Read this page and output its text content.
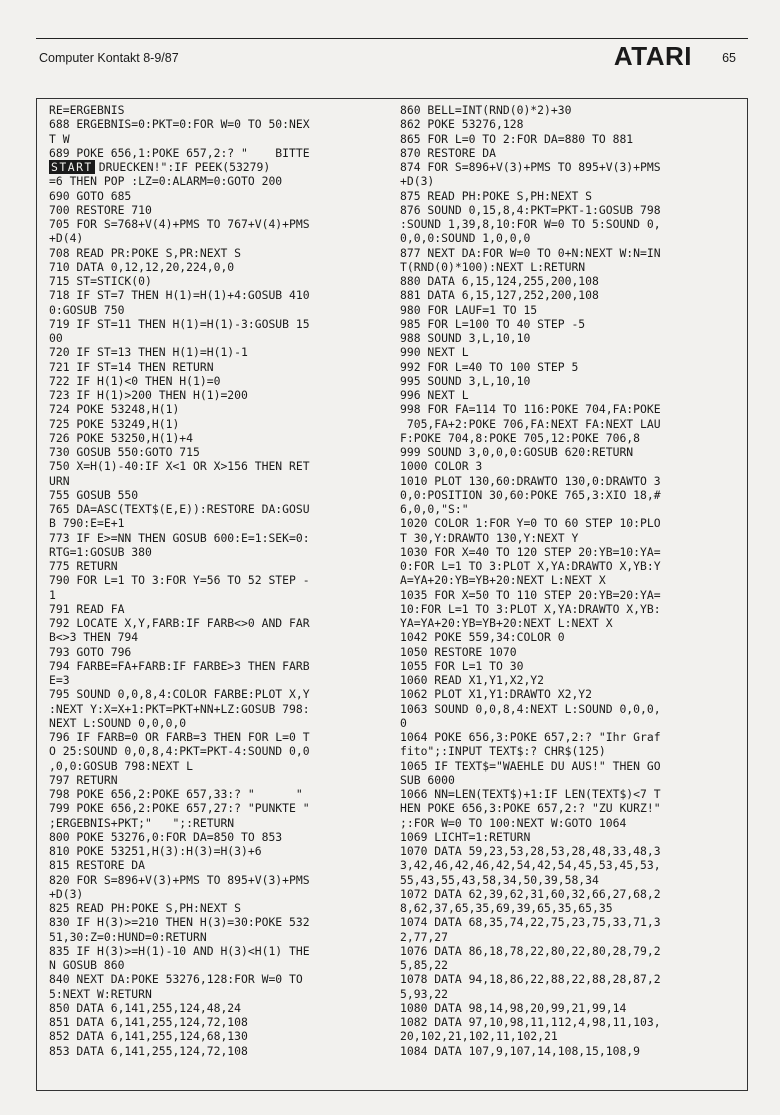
Computer Kontakt 8-9/87	ATARI 65
RE=ERGEBNIS
688 ERGEBNIS=0:PKT=0:FOR W=0 TO 50:NEX
T W
689 POKE 656,1:POKE 657,2:? "    BITTE
START DRUECKEN!":IF PEEK(53279)
=6 THEN POP :LZ=0:ALARM=0:GOTO 200
690 GOTO 685
700 RESTORE 710
705 FOR S=768+V(4)+PMS TO 767+V(4)+PMS
+D(4)
708 READ PR:POKE S,PR:NEXT S
710 DATA 0,12,12,20,224,0,0
715 ST=STICK(0)
718 IF ST=7 THEN H(1)=H(1)+4:GOSUB 410
0:GOSUB 750
719 IF ST=11 THEN H(1)=H(1)-3:GOSUB 15
00
720 IF ST=13 THEN H(1)=H(1)-1
721 IF ST=14 THEN RETURN
722 IF H(1)<0 THEN H(1)=0
723 IF H(1)>200 THEN H(1)=200
724 POKE 53248,H(1)
725 POKE 53249,H(1)
726 POKE 53250,H(1)+4
730 GOSUB 550:GOTO 715
750 X=H(1)-40:IF X<1 OR X>156 THEN RET
URN
755 GOSUB 550
765 DA=ASC(TEXT$(E,E)):RESTORE DA:GOSU
B 790:E=E+1
773 IF E>=NN THEN GOSUB 600:E=1:SEK=0:
RTG=1:GOSUB 380
775 RETURN
790 FOR L=1 TO 3:FOR Y=56 TO 52 STEP -
1
791 READ FA
792 LOCATE X,Y,FARB:IF FARB<>0 AND FAR
B<>3 THEN 794
793 GOTO 796
794 FARBE=FA+FARB:IF FARBE>3 THEN FARB
E=3
795 SOUND 0,0,8,4:COLOR FARBE:PLOT X,Y
:NEXT Y:X=X+1:PKT=PKT+NN+LZ:GOSUB 798:
NEXT L:SOUND 0,0,0,0
796 IF FARB=0 OR FARB=3 THEN FOR L=0 T
O 25:SOUND 0,0,8,4:PKT=PKT-4:SOUND 0,0
,0,0:GOSUB 798:NEXT L
797 RETURN
798 POKE 656,2:POKE 657,33:? "      "
799 POKE 656,2:POKE 657,27:? "PUNKTE "
;ERGEBNIS+PKT;"   ";:RETURN
800 POKE 53276,0:FOR DA=850 TO 853
810 POKE 53251,H(3):H(3)=H(3)+6
815 RESTORE DA
820 FOR S=896+V(3)+PMS TO 895+V(3)+PMS
+D(3)
825 READ PH:POKE S,PH:NEXT S
830 IF H(3)>=210 THEN H(3)=30:POKE 532
51,30:Z=0:HUND=0:RETURN
835 IF H(3)>=H(1)-10 AND H(3)<H(1) THE
N GOSUB 860
840 NEXT DA:POKE 53276,128:FOR W=0 TO
5:NEXT W:RETURN
850 DATA 6,141,255,124,48,24
851 DATA 6,141,255,124,72,108
852 DATA 6,141,255,124,68,130
853 DATA 6,141,255,124,72,108
860 BELL=INT(RND(0)*2)+30
862 POKE 53276,128
865 FOR L=0 TO 2:FOR DA=880 TO 881
870 RESTORE DA
874 FOR S=896+V(3)+PMS TO 895+V(3)+PMS
+D(3)
875 READ PH:POKE S,PH:NEXT S
876 SOUND 0,15,8,4:PKT=PKT-1:GOSUB 798
:SOUND 1,39,8,10:FOR W=0 TO 5:SOUND 0,
0,0,0:SOUND 1,0,0,0
877 NEXT DA:FOR W=0 TO 0+N:NEXT W:N=IN
T(RND(0)*100):NEXT L:RETURN
880 DATA 6,15,124,255,200,108
881 DATA 6,15,127,252,200,108
980 FOR LAUF=1 TO 15
985 FOR L=100 TO 40 STEP -5
988 SOUND 3,L,10,10
990 NEXT L
992 FOR L=40 TO 100 STEP 5
995 SOUND 3,L,10,10
996 NEXT L
998 FOR FA=114 TO 116:POKE 704,FA:POKE
705,FA+2:POKE 706,FA:NEXT FA:NEXT LAU
F:POKE 704,8:POKE 705,12:POKE 706,8
999 SOUND 3,0,0,0:GOSUB 620:RETURN
1000 COLOR 3
1010 PLOT 130,60:DRAWTO 130,0:DRAWTO 3
0,0:POSITION 30,60:POKE 765,3:XIO 18,#
6,0,0,"S:"
1020 COLOR 1:FOR Y=0 TO 60 STEP 10:PLO
T 30,Y:DRAWTO 130,Y:NEXT Y
1030 FOR X=40 TO 120 STEP 20:YB=10:YA=
0:FOR L=1 TO 3:PLOT X,YA:DRAWTO X,YB:Y
A=YA+20:YB=YB+20:NEXT L:NEXT X
1035 FOR X=50 TO 110 STEP 20:YB=20:YA=
10:FOR L=1 TO 3:PLOT X,YA:DRAWTO X,YB:
YA=YA+20:YB=YB+20:NEXT L:NEXT X
1042 POKE 559,34:COLOR 0
1050 RESTORE 1070
1055 FOR L=1 TO 30
1060 READ X1,Y1,X2,Y2
1062 PLOT X1,Y1:DRAWTO X2,Y2
1063 SOUND 0,0,8,4:NEXT L:SOUND 0,0,0,
0
1064 POKE 656,3:POKE 657,2:? "Ihr Graf
fito";:INPUT TEXT$:? CHR$(125)
1065 IF TEXT$="WAEHLE DU AUS!" THEN GO
SUB 6000
1066 NN=LEN(TEXT$)+1:IF LEN(TEXT$)<7 T
HEN POKE 656,3:POKE 657,2:? "ZU KURZ!"
;:FOR W=0 TO 100:NEXT W:GOTO 1064
1069 LICHT=1:RETURN
1070 DATA 59,23,53,28,53,28,48,33,48,3
3,42,46,42,46,42,54,42,54,45,53,45,53,
55,43,55,43,58,34,50,39,58,34
1072 DATA 62,39,62,31,60,32,66,27,68,2
8,62,37,65,35,69,39,65,35,65,35
1074 DATA 68,35,74,22,75,23,75,33,71,3
2,77,27
1076 DATA 86,18,78,22,80,22,80,28,79,2
5,85,22
1078 DATA 94,18,86,22,88,22,88,28,87,2
5,93,22
1080 DATA 98,14,98,20,99,21,99,14
1082 DATA 97,10,98,11,112,4,98,11,103,
20,102,21,102,11,102,21
1084 DATA 107,9,107,14,108,15,108,9
